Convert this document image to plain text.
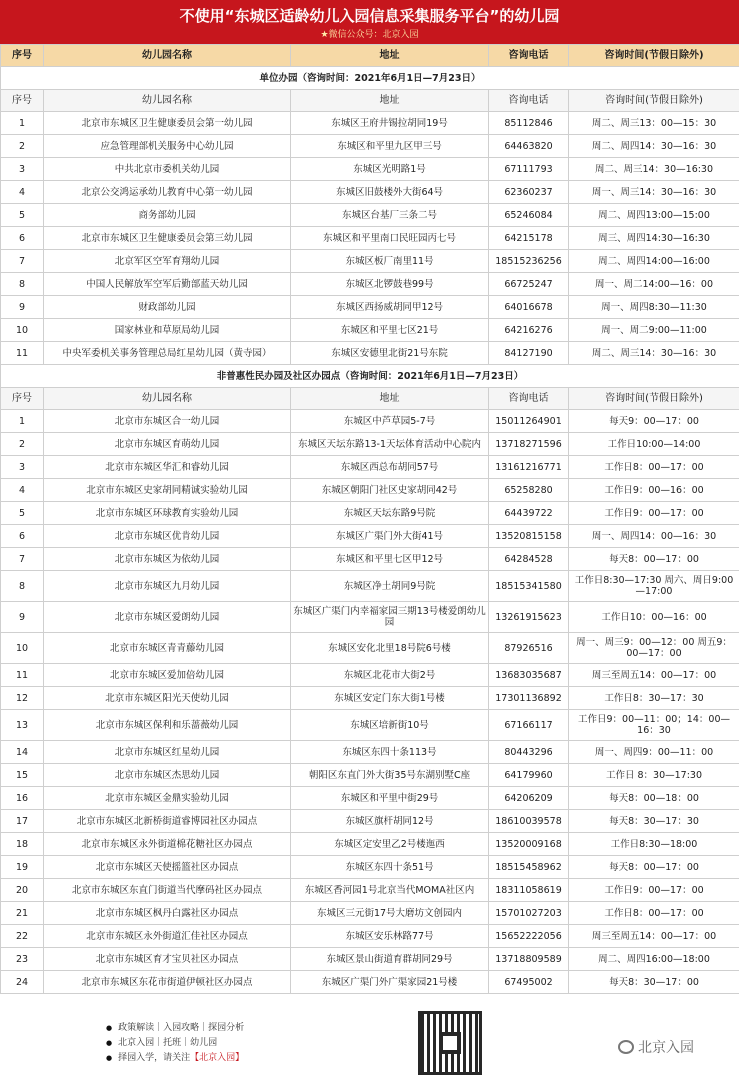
不使用“东城区适龄幼儿入园信息采集服务平台”的幼儿园
★微信公众号：北京入园
序号	幼儿园名称	地址	咨询电话	咨询时间(节假日除外)
单位办园（咨询时间：2021年6月1日—7月23日）				
序号	幼儿园名称	地址	咨询电话	咨询时间(节假日除外)
1	北京市东城区卫生健康委员会第一幼儿园	东城区王府井锡拉胡同19号	85112846	周二、周三13：00—15：30
2	应急管理部机关服务中心幼儿园	东城区和平里九区甲三号	64463820	周二、周四14：30—16：30
3	中共北京市委机关幼儿园	东城区光明路1号	67111793	周二、周三14：30—16:30
4	北京公交鸿运承幼儿教育中心第一幼儿园	东城区旧鼓楼外大街64号	62360237	周一、周三14：30—16：30
5	商务部幼儿园	东城区台基厂三条二号	65246084	周二、周四13:00—15:00
6	北京市东城区卫生健康委员会第三幼儿园	东城区和平里南口民旺园丙七号	64215178	周三、周四14:30—16:30
7	北京军区空军育翔幼儿园	东城区板厂南里11号	18515236256	周二、周四14:00—16:00
8	中国人民解放军空军后勤部蓝天幼儿园	东城区北锣鼓巷99号	66725247	周一、周二14:00—16：00
9	财政部幼儿园	东城区西扬威胡同甲12号	64016678	周一、周四8:30—11:30
10	国家林业和草原局幼儿园	东城区和平里七区21号	64216276	周一、周二9:00—11:00
11	中央军委机关事务管理总局红星幼儿园（黄寺园）	东城区安德里北街21号东院	84127190	周二、周三14：30—16：30
非普惠性民办园及社区办园点（咨询时间：2021年6月1日—7月23日）				
序号	幼儿园名称	地址	咨询电话	咨询时间(节假日除外)
1	北京市东城区合一幼儿园	东城区中芦草园5-7号	15011264901	每天9：00—17：00
2	北京市东城区育萌幼儿园	东城区天坛东路13-1天坛体育活动中心院内	13718271596	工作日10:00—14:00
3	北京市东城区华汇和睿幼儿园	东城区西总布胡同57号	13161216771	工作日8：00—17：00
4	北京市东城区史家胡同精诚实验幼儿园	东城区朝阳门社区史家胡同42号	65258280	工作日9：00—16：00
5	北京市东城区环球教育实验幼儿园	东城区天坛东路9号院	64439722	工作日9：00—17：00
6	北京市东城区优肯幼儿园	东城区广渠门外大街41号	13520815158	周一、周四14：00—16：30
7	北京市东城区为依幼儿园	东城区和平里七区甲12号	64284528	每天8：00—17：00
8	北京市东城区九月幼儿园	东城区净土胡同9号院	18515341580	工作日8:30—17:30 周六、周日9:00—17:00
9	北京市东城区爱朗幼儿园	东城区广渠门内幸福家园三期13号楼爱朗幼儿园	13261915623	工作日10：00—16：00
10	北京市东城区青青藤幼儿园	东城区安化北里18号院6号楼	87926516	周一、周三9：00—12：00 周五9：00—17：00
11	北京市东城区爱加倍幼儿园	东城区北花市大街2号	13683035687	周三至周五14：00—17：00
12	北京市东城区阳光天使幼儿园	东城区安定门东大街1号楼	17301136892	工作日8：30—17：30
13	北京市东城区保利和乐蔷薇幼儿园	东城区培新街10号	67166117	工作日9：00—11：00；14：00—16：30
14	北京市东城区红星幼儿园	东城区东四十条113号	80443296	周一、周四9：00—11：00
15	北京市东城区杰思幼儿园	朝阳区东直门外大街35号东湖别墅C座	64179960	工作日 8：30—17:30
16	北京市东城区金鼎实验幼儿园	东城区和平里中街29号	64206209	每天8：00—18：00
17	北京市东城区北新桥街道睿博园社区办园点	东城区旗杆胡同12号	18610039578	每天8：30—17：30
18	北京市东城区永外街道棉花糖社区办园点	东城区定安里乙2号楼迤西	13520009168	工作日8:30—18:00
19	北京市东城区天使摇篮社区办园点	东城区东四十条51号	18515458962	每天8：00—17：00
20	北京市东城区东直门街道当代摩码社区办园点	东城区香河园1号北京当代MOMA社区内	18311058619	工作日9：00—17：00
21	北京市东城区枫丹白露社区办园点	东城区三元街17号大磨坊文创园内	15701027203	工作日8：00—17：00
22	北京市东城区永外街道汇佳社区办园点	东城区安乐林路77号	15652222056	周三至周五14：00—17：00
23	北京市东城区育才宝贝社区办园点	东城区景山街道育群胡同29号	13718809589	周二、周四16:00—18:00
24	北京市东城区东花市街道伊顿社区办园点	东城区广渠门外广渠家园21号楼	67495002	每天8：30—17：00
● 政策解读｜入园攻略｜探园分析
● 北京入园｜托班｜幼儿园
● 择园入学，请关注【北京入园】
北京入园
